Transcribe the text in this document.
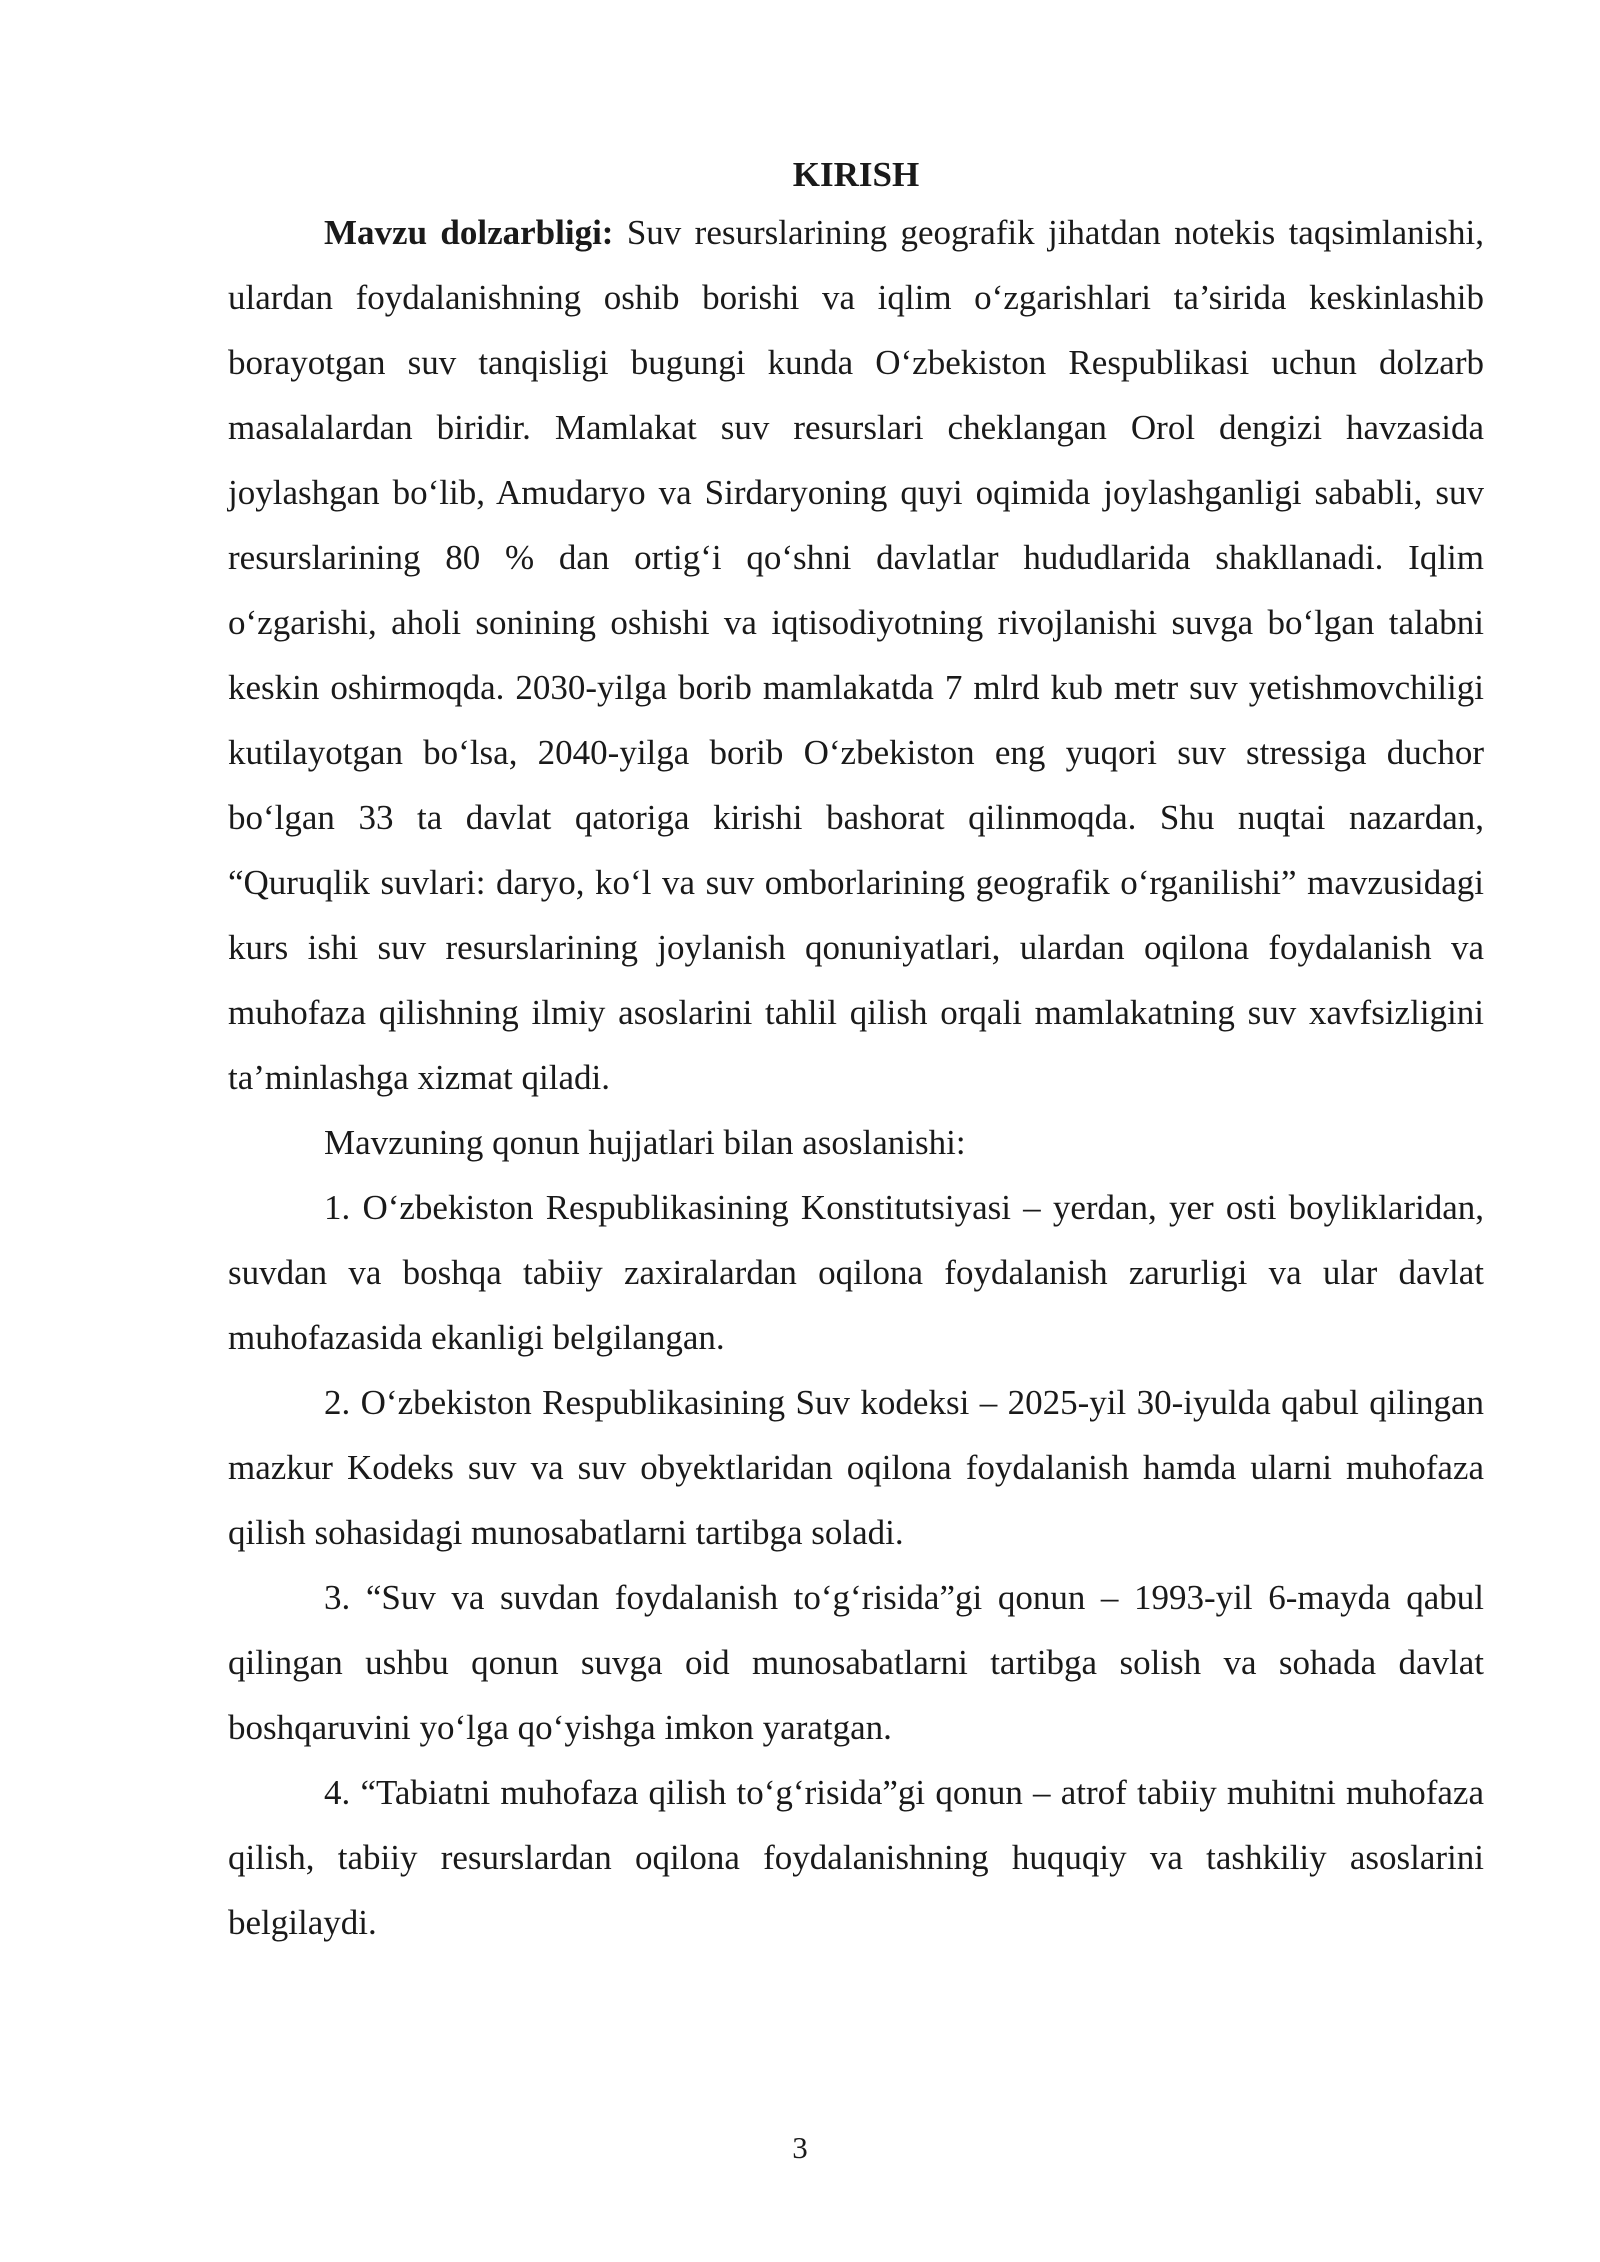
KIRISH

Mavzu dolzarbligi: Suv resurslarining geografik jihatdan notekis taqsimlanishi, ulardan foydalanishning oshib borishi va iqlim o‘zgarishlari ta’sirida keskinlashib borayotgan suv tanqisligi bugungi kunda O‘zbekiston Respublikasi uchun dolzarb masalalardan biridir. Mamlakat suv resurslari cheklangan Orol dengizi havzasida joylashgan bo‘lib, Amudaryo va Sirdaryoning quyi oqimida joylashganligi sababli, suv resurslarining 80 % dan ortig‘i qo‘shni davlatlar hududlarida shakllanadi. Iqlim o‘zgarishi, aholi sonining oshishi va iqtisodiyotning rivojlanishi suvga bo‘lgan talabni keskin oshirmoqda. 2030-yilga borib mamlakatda 7 mlrd kub metr suv yetishmovchiligi kutilayotgan bo‘lsa, 2040-yilga borib O‘zbekiston eng yuqori suv stressiga duchor bo‘lgan 33 ta davlat qatoriga kirishi bashorat qilinmoqda. Shu nuqtai nazardan, “Quruqlik suvlari: daryo, ko‘l va suv omborlarining geografik o‘rganilishi” mavzusidagi kurs ishi suv resurslarining joylanish qonuniyatlari, ulardan oqilona foydalanish va muhofaza qilishning ilmiy asoslarini tahlil qilish orqali mamlakatning suv xavfsizligini ta’minlashga xizmat qiladi.

Mavzuning qonun hujjatlari bilan asoslanishi:

1. O‘zbekiston Respublikasining Konstitutsiyasi – yerdan, yer osti boyliklaridan, suvdan va boshqa tabiiy zaxiralardan oqilona foydalanish zarurligi va ular davlat muhofazasida ekanligi belgilangan.

2. O‘zbekiston Respublikasining Suv kodeksi – 2025-yil 30-iyulda qabul qilingan mazkur Kodeks suv va suv obyektlaridan oqilona foydalanish hamda ularni muhofaza qilish sohasidagi munosabatlarni tartibga soladi.

3. “Suv va suvdan foydalanish to‘g‘risida”gi qonun – 1993-yil 6-mayda qabul qilingan ushbu qonun suvga oid munosabatlarni tartibga solish va sohada davlat boshqaruvini yo‘lga qo‘yishga imkon yaratgan.

4. “Tabiatni muhofaza qilish to‘g‘risida”gi qonun – atrof tabiiy muhitni muhofaza qilish, tabiiy resurslardan oqilona foydalanishning huquqiy va tashkiliy asoslarini belgilaydi.

3
